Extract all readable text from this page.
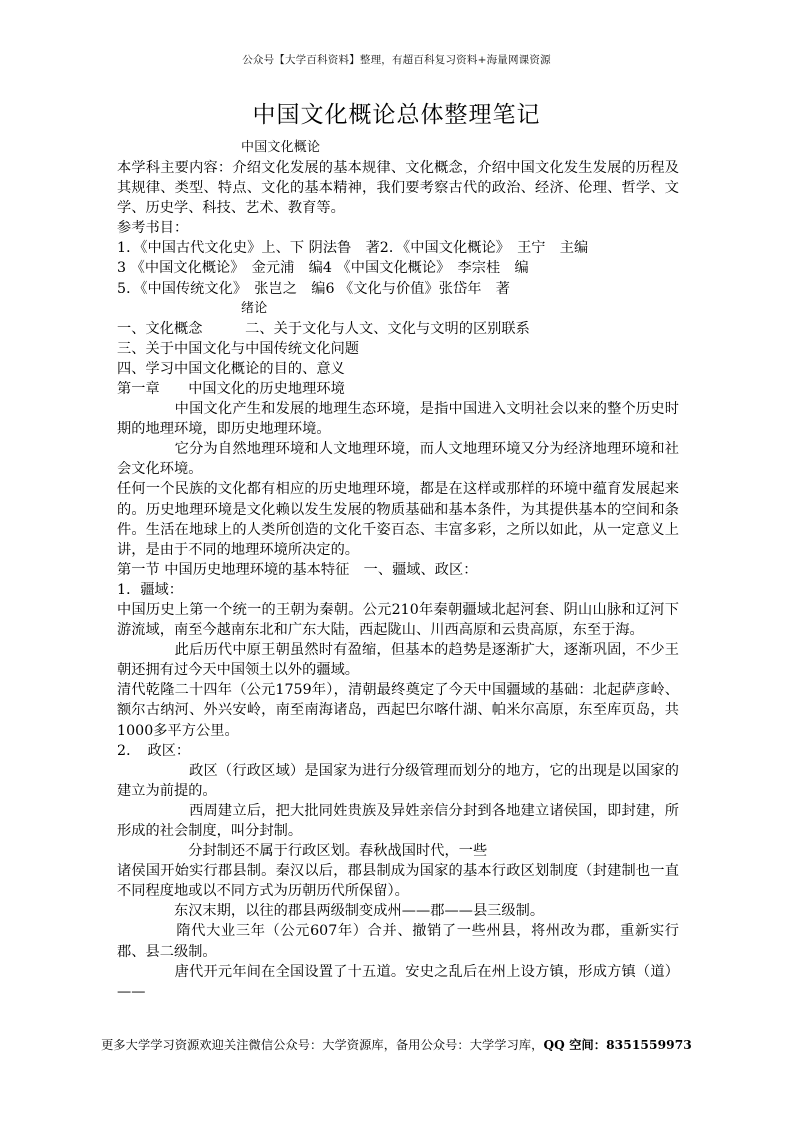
公众号【大学百科资料】整理，有超百科复习资料+海量网课资源
中国文化概论总体整理笔记
中国文化概论
本学科主要内容：介绍文化发展的基本规律、文化概念，介绍中国文化发生发展的历程及其规律、类型、特点、文化的基本精神，我们要考察古代的政治、经济、伦理、哲学、文学、历史学、科技、艺术、教育等。
参考书目：
1．《中国古代文化史》上、下 阴法鲁　著2．《中国文化概论》　王宁　主编
3 《中国文化概论》　金元浦　编4 《中国文化概论》　李宗桂　编
5．《中国传统文化》　张岂之　编6 《文化与价值》张岱年　著
绪论
一、文化概念　　　二、关于文化与人文、文化与文明的区别联系
三、关于中国文化与中国传统文化问题
四、学习中国文化概论的目的、意义
第一章　　中国文化的历史地理环境
　　　　中国文化产生和发展的地理生态环境，是指中国进入文明社会以来的整个历史时期的地理环境，即历史地理环境。
　　　　它分为自然地理环境和人文地理环境，而人文地理环境又分为经济地理环境和社会文化环境。
任何一个民族的文化都有相应的历史地理环境，都是在这样或那样的环境中蕴育发展起来的。历史地理环境是文化赖以发生发展的物质基础和基本条件，为其提供基本的空间和条件。生活在地球上的人类所创造的文化千姿百态、丰富多彩，之所以如此，从一定意义上讲，是由于不同的地理环境所决定的。
第一节 中国历史地理环境的基本特征　一、疆域、政区：
1．疆域：
中国历史上第一个统一的王朝为秦朝。公元210年秦朝疆域北起河套、阴山山脉和辽河下游流域，南至今越南东北和广东大陆，西起陇山、川西高原和云贵高原，东至于海。
　　　　此后历代中原王朝虽然时有盈缩，但基本的趋势是逐渐扩大，逐渐巩固，不少王朝还拥有过今天中国领土以外的疆域。
清代乾隆二十四年（公元1759年），清朝最终奠定了今天中国疆域的基础：北起萨彦岭、额尔古纳河、外兴安岭，南至南海诸岛，西起巴尔喀什湖、帕米尔高原，东至库页岛，共1000多平方公里。
2．　政区：
　　　　　政区（行政区域）是国家为进行分级管理而划分的地方，它的出现是以国家的建立为前提的。
　　　　　西周建立后，把大批同姓贵族及异姓亲信分封到各地建立诸侯国，即封建，所形成的社会制度，叫分封制。
　　　　　分封制还不属于行政区划。春秋战国时代，一些
诸侯国开始实行郡县制。秦汉以后，郡县制成为国家的基本行政区划制度（封建制也一直不同程度地或以不同方式为历朝历代所保留）。
　　　　东汉末期，以往的郡县两级制变成州——郡——县三级制。
　　　　隋代大业三年（公元607年）合并、撤销了一些州县，将州改为郡，重新实行郡、县二级制。
　　　　唐代开元年间在全国设置了十五道。安史之乱后在州上设方镇，形成方镇（道）——
更多大学学习资源欢迎关注微信公众号：大学资源库，备用公众号：大学学习库，QQ 空间：8351559973
